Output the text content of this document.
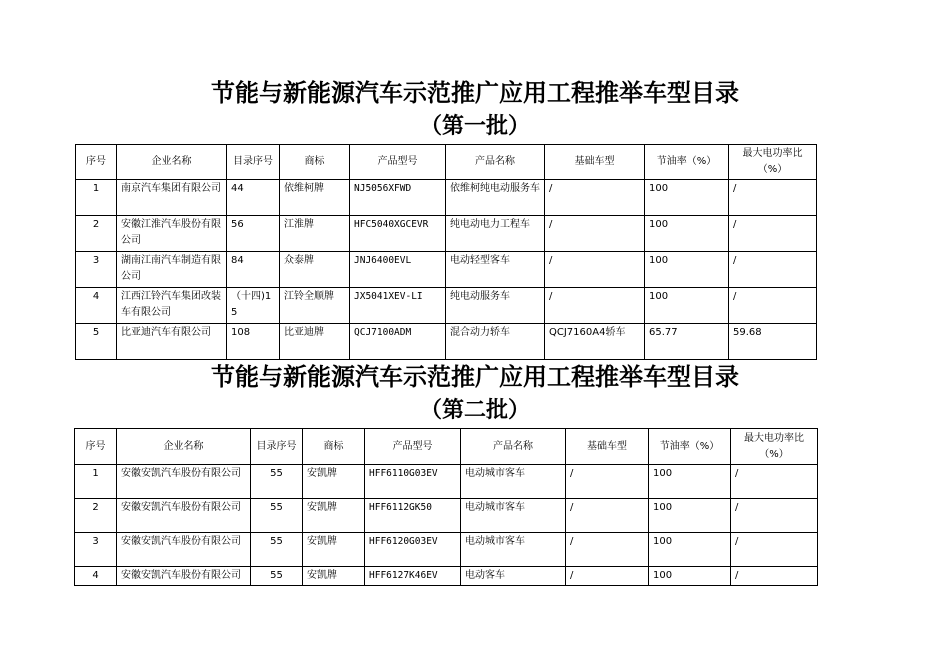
节能与新能源汽车示范推广应用工程推举车型目录
（第一批）
序号	企业名称	目录序号	商标	产品型号	产品名称	基础车型	节油率（%）	最大电功率比（%）
1	南京汽车集团有限公司	44	依维柯牌	NJ5056XFWD	依维柯纯电动服务车	/	100	/
2	安徽江淮汽车股份有限公司	56	江淮牌	HFC5040XGCEVR	纯电动电力工程车	/	100	/
3	湖南江南汽车制造有限公司	84	众泰牌	JNJ6400EVL	电动轻型客车	/	100	/
4	江西江铃汽车集团改装车有限公司	（十四)15	江铃全顺牌	JX5041XEV-LI	纯电动服务车	/	100	/
5	比亚迪汽车有限公司	108	比亚迪牌	QCJ7100ADM	混合动力轿车	QCJ7160A4轿车	65.77	59.68
节能与新能源汽车示范推广应用工程推举车型目录
（第二批）
序号	企业名称	目录序号	商标	产品型号	产品名称	基础车型	节油率（%）	最大电功率比（%）
1	安徽安凯汽车股份有限公司	55	安凯牌	HFF6110G03EV	电动城市客车	/	100	/
2	安徽安凯汽车股份有限公司	55	安凯牌	HFF6112GK50	电动城市客车	/	100	/
3	安徽安凯汽车股份有限公司	55	安凯牌	HFF6120G03EV	电动城市客车	/	100	/
4	安徽安凯汽车股份有限公司	55	安凯牌	HFF6127K46EV	电动客车	/	100	/
